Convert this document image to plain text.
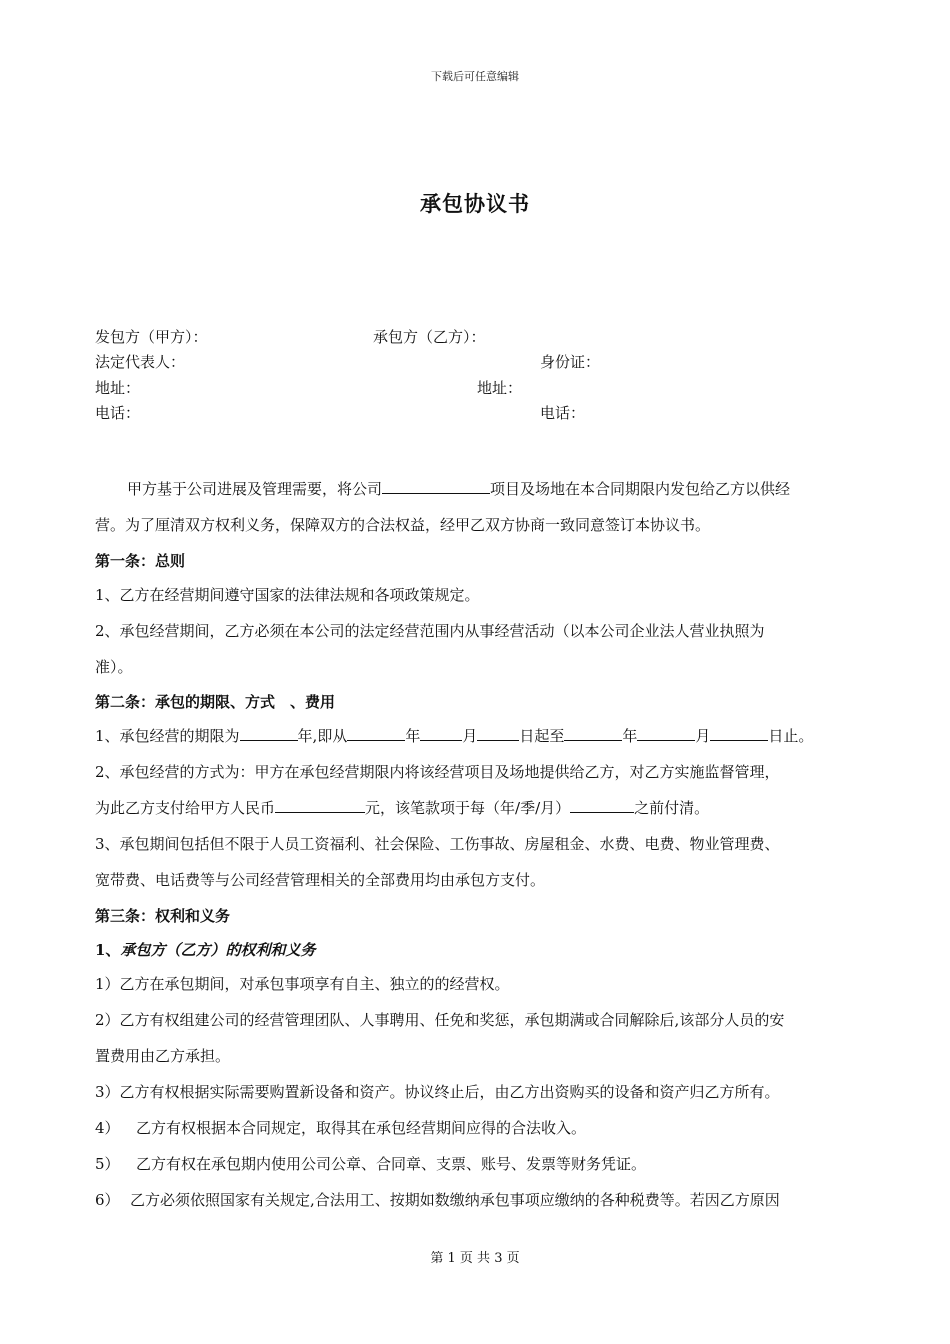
下载后可任意编辑
承包协议书
发包方（甲方）：	承包方（乙方）：
法定代表人：	身份证：
地址：	地址：
电话：	电话：
甲方基于公司进展及管理需要，将公司	项目及场地在本合同期限内发包给乙方以供经
营。为了厘清双方权利义务，保障双方的合法权益，经甲乙双方协商一致同意签订本协议书。
第一条：总则
1、乙方在经营期间遵守国家的法律法规和各项政策规定。
2、承包经营期间，乙方必须在本公司的法定经营范围内从事经营活动（以本公司企业法人营业执照为
准）。
第二条：承包的期限、方式　、费用
1、承包经营的期限为	年,即从	年	月	日起至	年	月	日止。
2、承包经营的方式为：甲方在承包经营期限内将该经营项目及场地提供给乙方，对乙方实施监督管理，
为此乙方支付给甲方人民币	元，该笔款项于每（年/季/月）	之前付清。
3、承包期间包括但不限于人员工资福利、社会保险、工伤事故、房屋租金、水费、电费、物业管理费、
宽带费、电话费等与公司经营管理相关的全部费用均由承包方支付。
第三条：权利和义务
1、承包方（乙方）的权利和义务
1）乙方在承包期间，对承包事项享有自主、独立的的经营权。
2）乙方有权组建公司的经营管理团队、人事聘用、任免和奖惩，承包期满或合同解除后,该部分人员的安
置费用由乙方承担。
3）乙方有权根据实际需要购置新设备和资产。协议终止后，由乙方出资购买的设备和资产归乙方所有。
4） 乙方有权根据本合同规定，取得其在承包经营期间应得的合法收入。
5） 乙方有权在承包期内使用公司公章、合同章、支票、账号、发票等财务凭证。
6） 乙方必须依照国家有关规定,合法用工、按期如数缴纳承包事项应缴纳的各种税费等。若因乙方原因
第 1 页 共 3 页
